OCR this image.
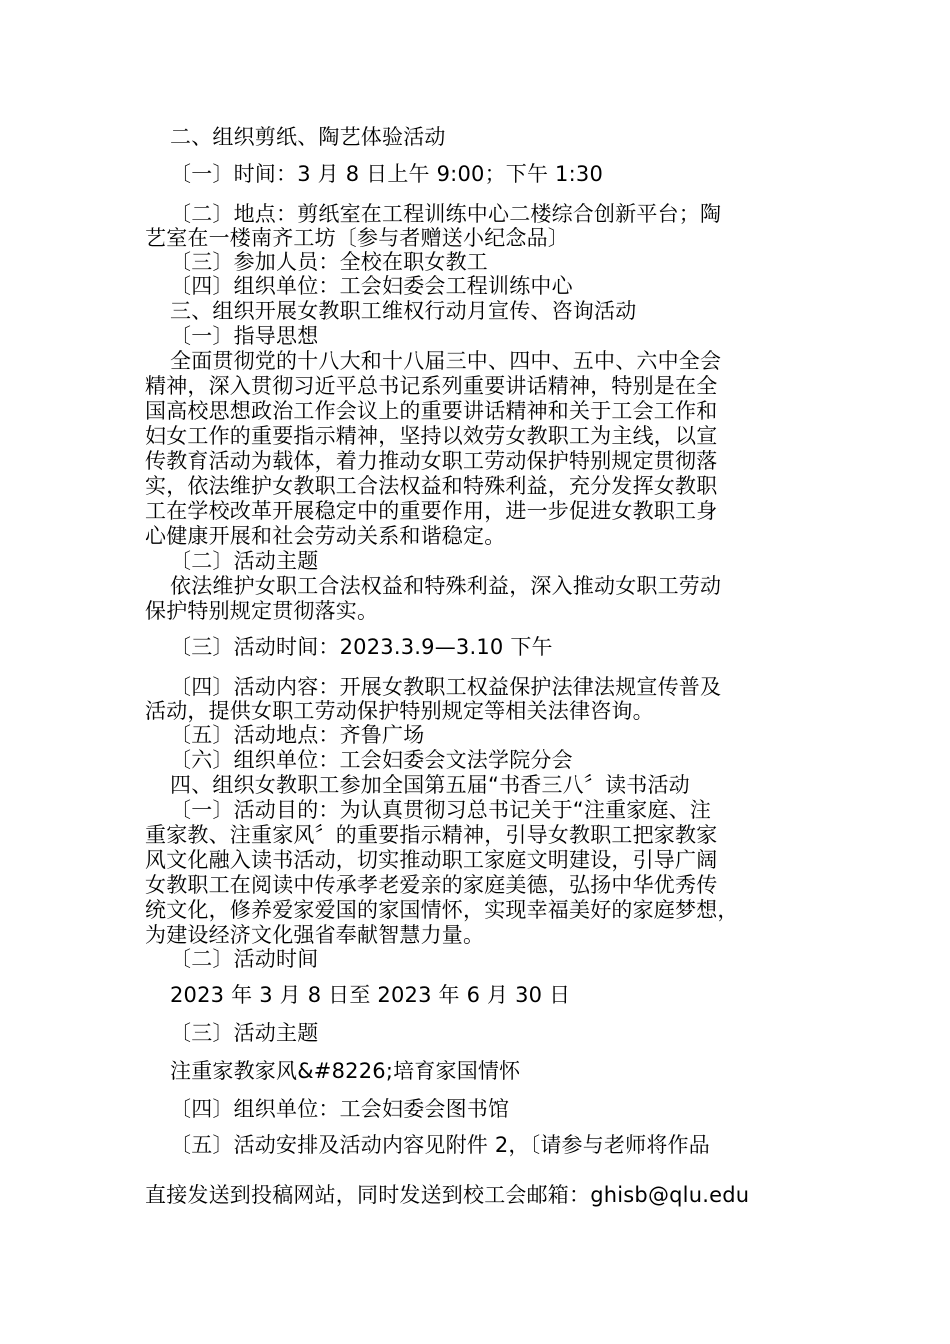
二、组织剪纸、陶艺体验活动
〔一〕时间：3 月 8 日上午 9:00；下午 1:30
〔二〕地点：剪纸室在工程训练中心二楼综合创新平台；陶
艺室在一楼南齐工坊〔参与者赠送小纪念品〕
〔三〕参加人员：全校在职女教工
〔四〕组织单位：工会妇委会工程训练中心
三、组织开展女教职工维权行动月宣传、咨询活动
〔一〕指导思想
全面贯彻党的十八大和十八届三中、四中、五中、六中全会
精神，深入贯彻习近平总书记系列重要讲话精神，特别是在全
国高校思想政治工作会议上的重要讲话精神和关于工会工作和
妇女工作的重要指示精神，坚持以效劳女教职工为主线，以宣
传教育活动为载体，着力推动女职工劳动保护特别规定贯彻落
实，依法维护女教职工合法权益和特殊利益，充分发挥女教职
工在学校改革开展稳定中的重要作用，进一步促进女教职工身
心健康开展和社会劳动关系和谐稳定。
〔二〕活动主题
依法维护女职工合法权益和特殊利益，深入推动女职工劳动
保护特别规定贯彻落实。
〔三〕活动时间：2023.3.9—3.10 下午
〔四〕活动内容：开展女教职工权益保护法律法规宣传普及
活动，提供女职工劳动保护特别规定等相关法律咨询。
〔五〕活动地点：齐鲁广场
〔六〕组织单位：工会妇委会文法学院分会
四、组织女教职工参加全国第五届“书香三八〞读书活动
〔一〕活动目的：为认真贯彻习总书记关于“注重家庭、注
重家教、注重家风〞的重要指示精神，引导女教职工把家教家
风文化融入读书活动，切实推动职工家庭文明建设，引导广阔
女教职工在阅读中传承孝老爱亲的家庭美德，弘扬中华优秀传
统文化，修养爱家爱国的家国情怀，实现幸福美好的家庭梦想，
为建设经济文化强省奉献智慧力量。
〔二〕活动时间
2023 年 3 月 8 日至 2023 年 6 月 30 日
〔三〕活动主题
注重家教家风&#8226;培育家国情怀
〔四〕组织单位：工会妇委会图书馆
〔五〕活动安排及活动内容见附件 2，〔请参与老师将作品
直接发送到投稿网站，同时发送到校工会邮箱：ghisb@qlu.edu
